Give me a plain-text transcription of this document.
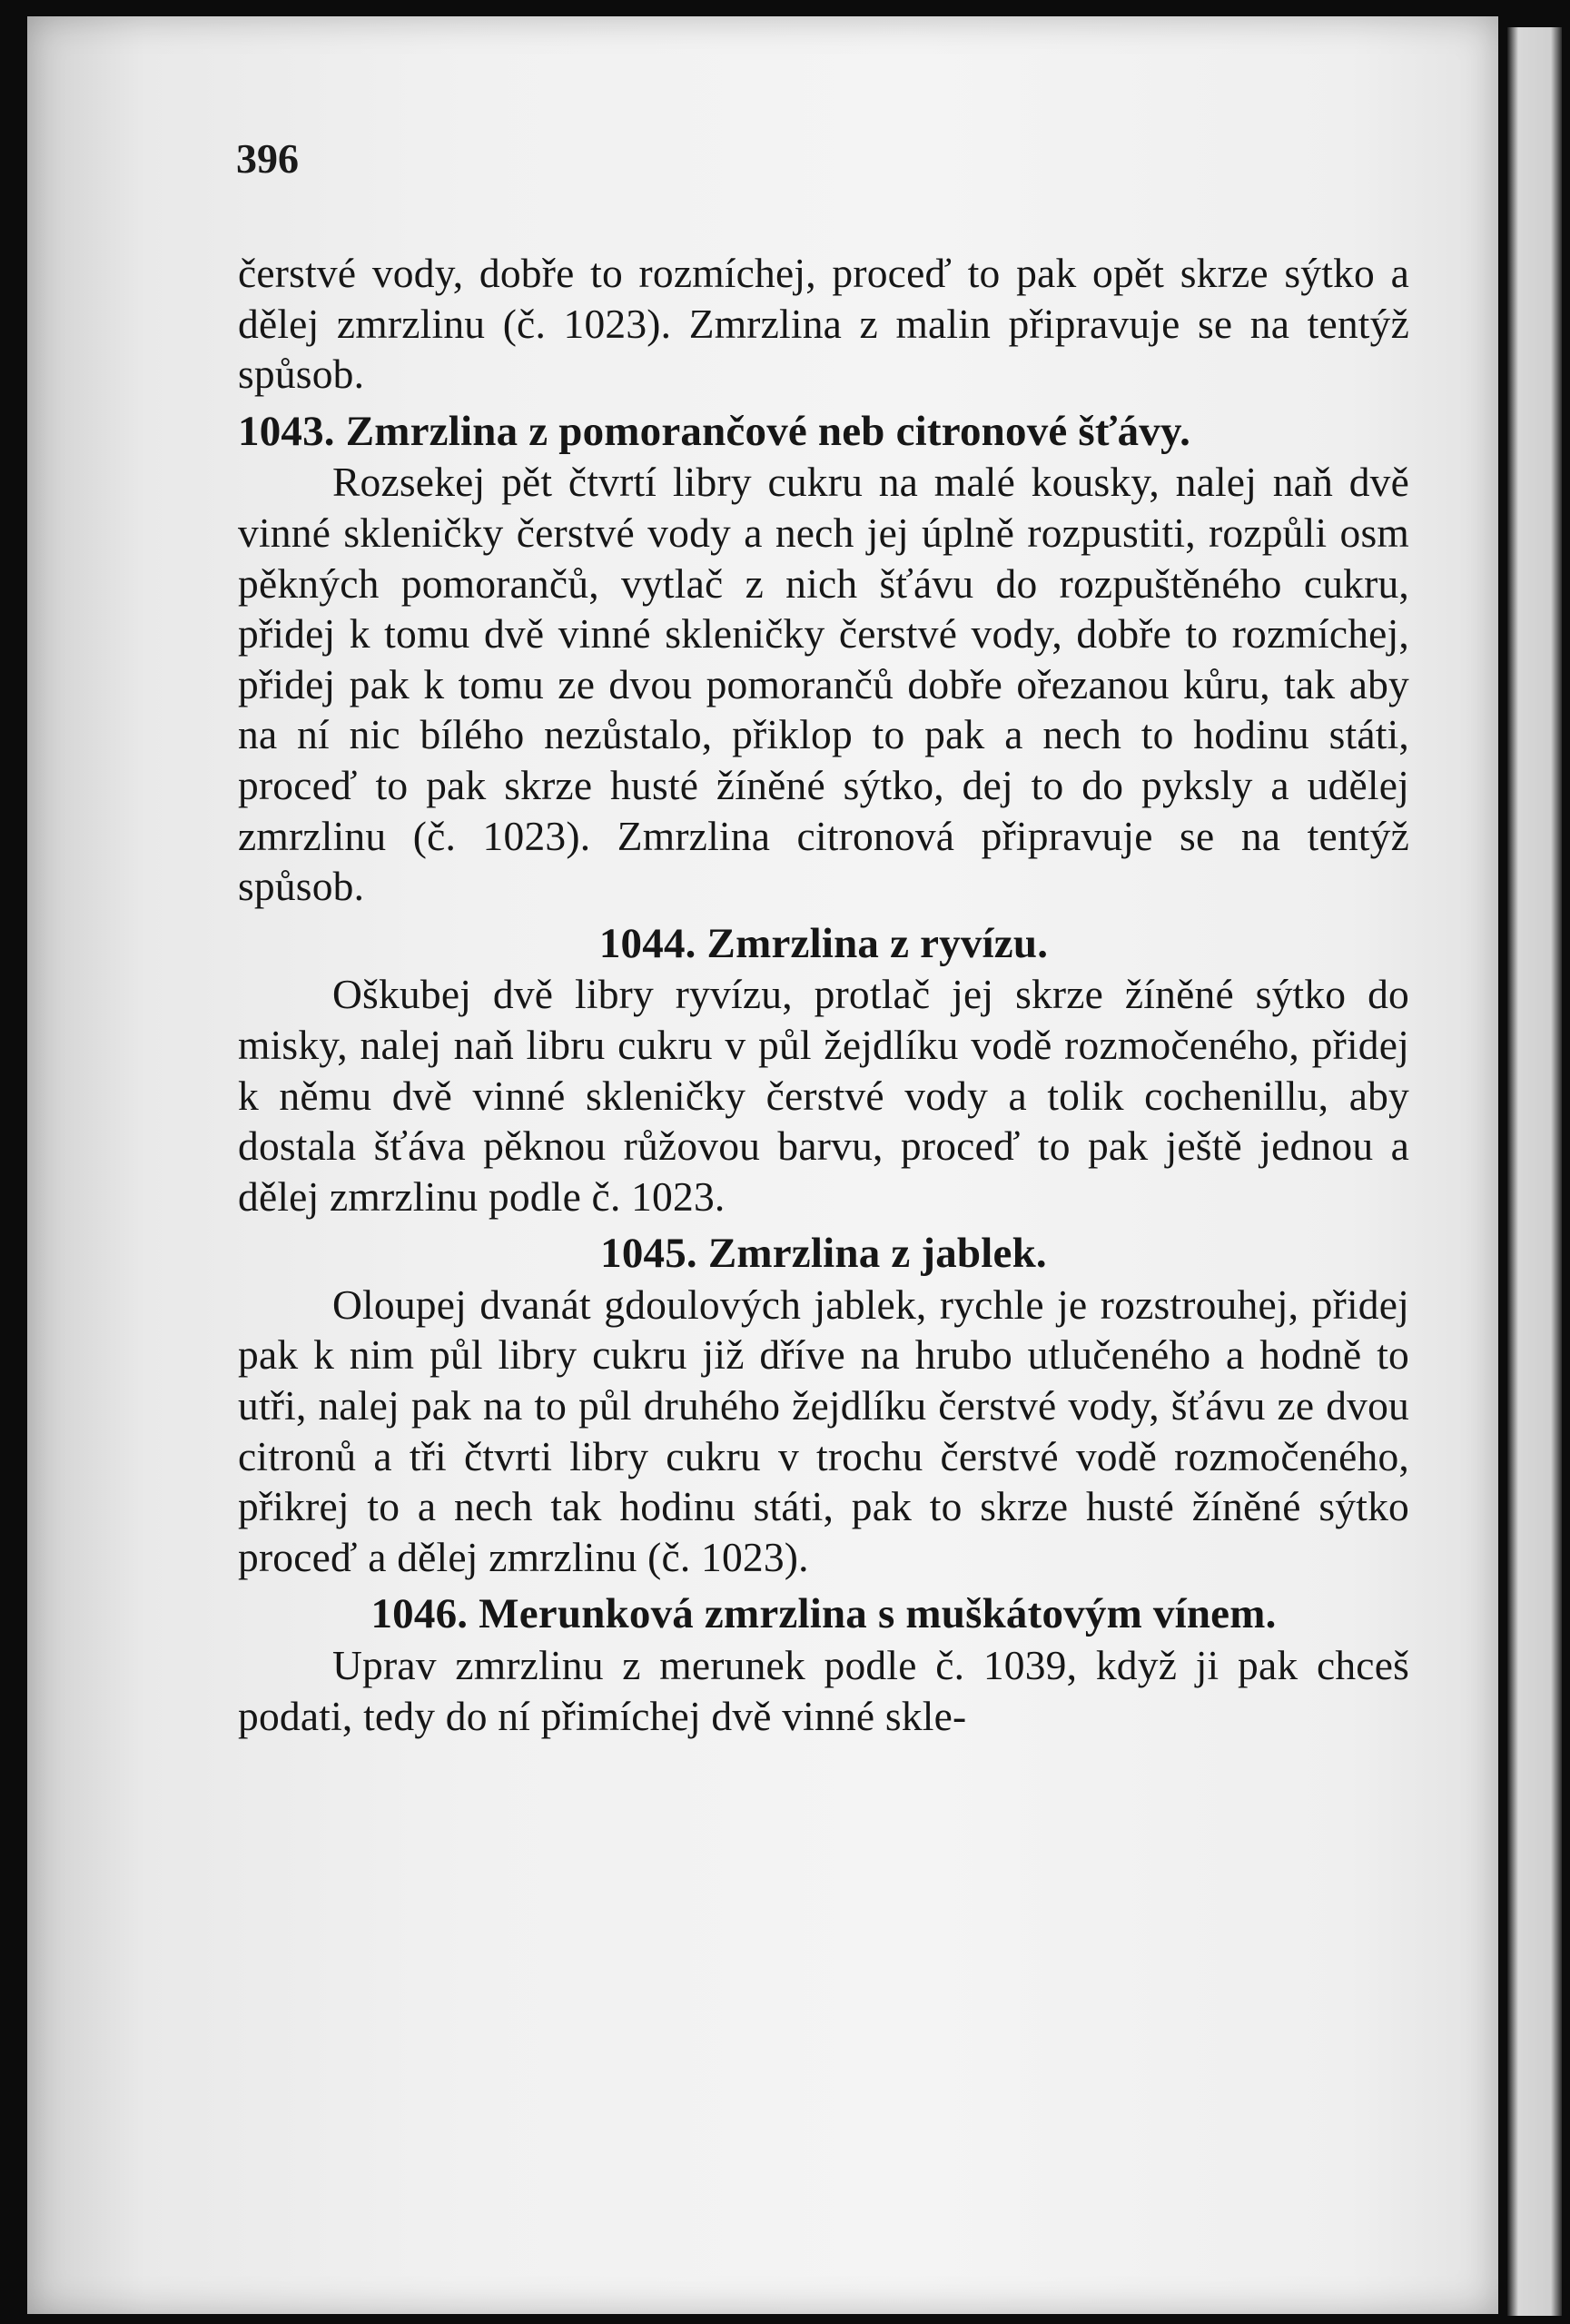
396

čerstvé vody, dobře to rozmíchej, proceď to pak opět skrze sýtko a dělej zmrzlinu (č. 1023). Zmrzlina z malin připravuje se na tentýž spůsob.

1043. Zmrzlina z pomorančové neb citronové šťávy.

Rozsekej pět čtvrtí libry cukru na malé kousky, nalej naň dvě vinné skleničky čerstvé vody a nech jej úplně rozpustiti, rozpůli osm pěkných pomorančů, vytlač z nich šťávu do rozpuštěného cukru, přidej k tomu dvě vinné skleničky čerstvé vody, dobře to rozmíchej, přidej pak k tomu ze dvou pomorančů dobře ořezanou kůru, tak aby na ní nic bílého nezůstalo, přiklop to pak a nech to hodinu státi, proceď to pak skrze husté žíněné sýtko, dej to do pyksly a udělej zmrzlinu (č. 1023). Zmrzlina citronová připravuje se na tentýž spůsob.

1044. Zmrzlina z ryvízu.

Oškubej dvě libry ryvízu, protlač jej skrze žíněné sýtko do misky, nalej naň libru cukru v půl žejdlíku vodě rozmočeného, přidej k němu dvě vinné skleničky čerstvé vody a tolik cochenillu, aby dostala šťáva pěknou růžovou barvu, proceď to pak ještě jednou a dělej zmrzlinu podle č. 1023.

1045. Zmrzlina z jablek.

Oloupej dvanát gdoulových jablek, rychle je rozstrouhej, přidej pak k nim půl libry cukru již dříve na hrubo utlučeného a hodně to utři, nalej pak na to půl druhého žejdlíku čerstvé vody, šťávu ze dvou citronů a tři čtvrti libry cukru v trochu čerstvé vodě rozmočeného, přikrej to a nech tak hodinu státi, pak to skrze husté žíněné sýtko proceď a dělej zmrzlinu (č. 1023).

1046. Merunková zmrzlina s muškátovým vínem.

Uprav zmrzlinu z merunek podle č. 1039, když ji pak chceš podati, tedy do ní přimíchej dvě vinné skle-
